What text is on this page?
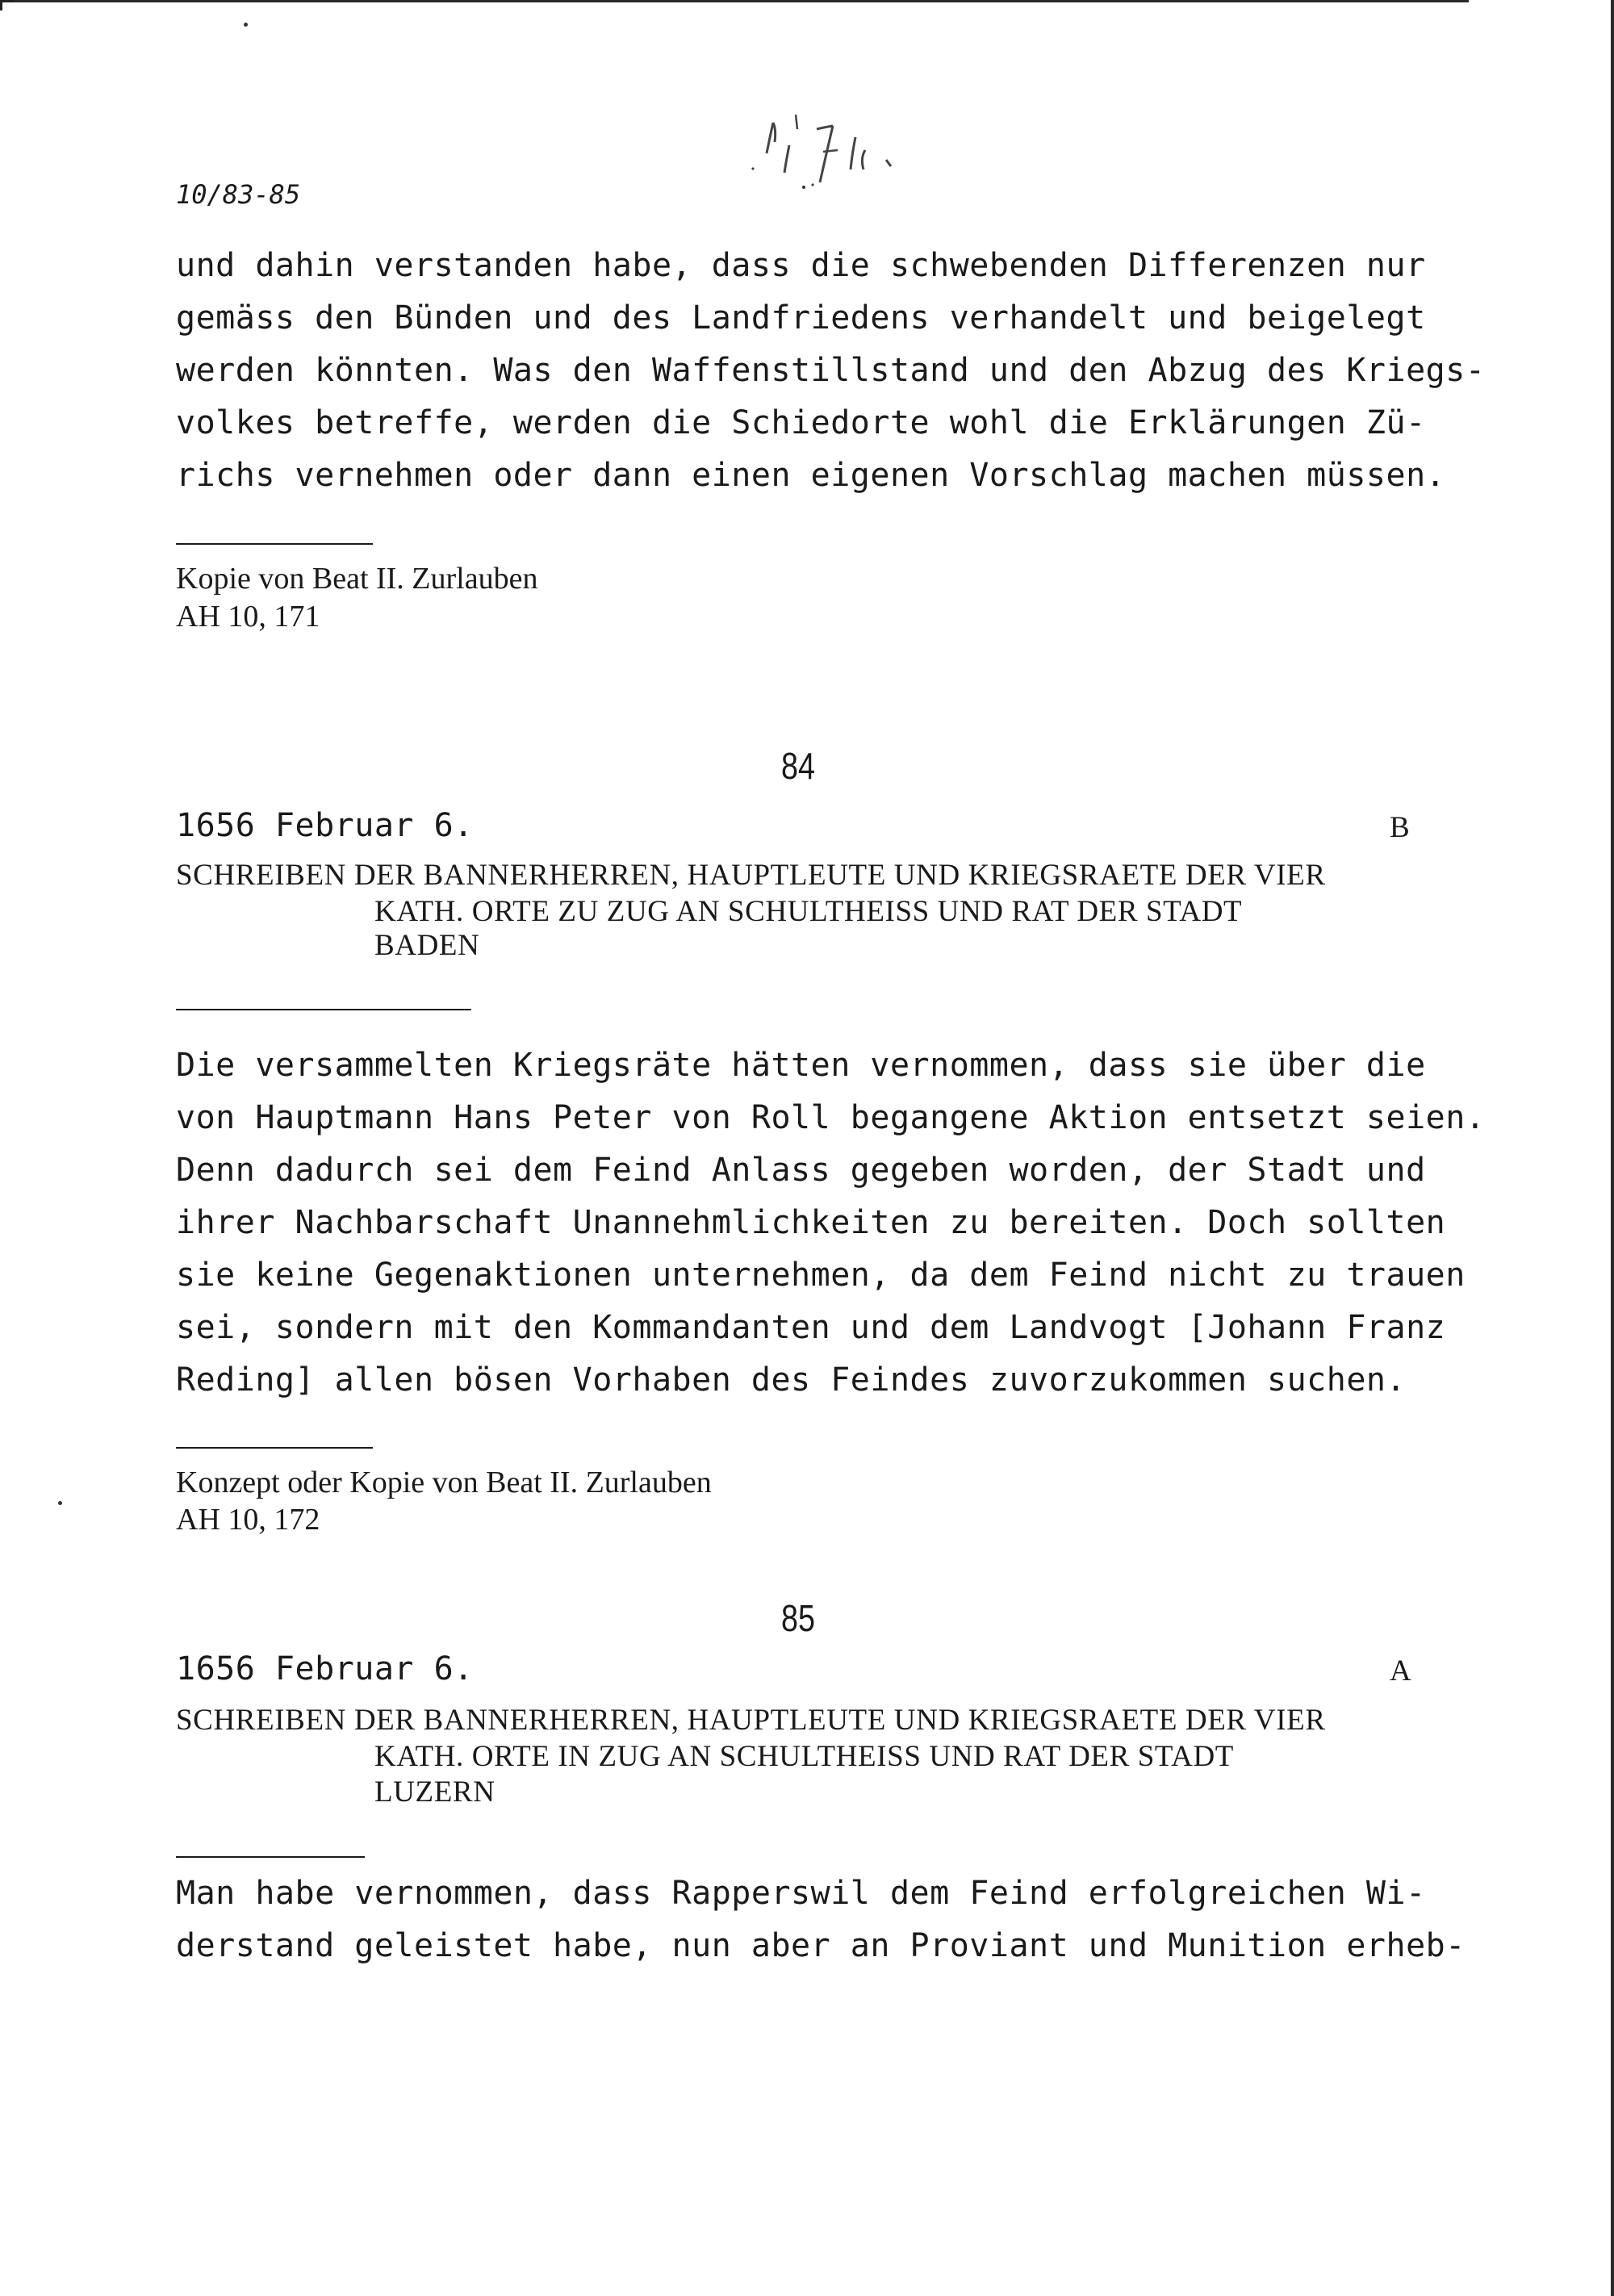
10/83-85
und dahin verstanden habe, dass die schwebenden Differenzen nur
gemäss den Bünden und des Landfriedens verhandelt und beigelegt
werden könnten. Was den Waffenstillstand und den Abzug des Kriegs-
volkes betreffe, werden die Schiedorte wohl die Erklärungen Zü-
richs vernehmen oder dann einen eigenen Vorschlag machen müssen.
Kopie von Beat II. Zurlauben
AH 10, 171
84
1656 Februar 6.	B
SCHREIBEN DER BANNERHERREN, HAUPTLEUTE UND KRIEGSRAETE DER VIER
KATH. ORTE ZU ZUG AN SCHULTHEISS UND RAT DER STADT
BADEN
Die versammelten Kriegsräte hätten vernommen, dass sie über die
von Hauptmann Hans Peter von Roll begangene Aktion entsetzt seien.
Denn dadurch sei dem Feind Anlass gegeben worden, der Stadt und
ihrer Nachbarschaft Unannehmlichkeiten zu bereiten. Doch sollten
sie keine Gegenaktionen unternehmen, da dem Feind nicht zu trauen
sei, sondern mit den Kommandanten und dem Landvogt [Johann Franz
Reding] allen bösen Vorhaben des Feindes zuvorzukommen suchen.
Konzept oder Kopie von Beat II. Zurlauben
AH 10, 172
85
1656 Februar 6.	A
SCHREIBEN DER BANNERHERREN, HAUPTLEUTE UND KRIEGSRAETE DER VIER
KATH. ORTE IN ZUG AN SCHULTHEISS UND RAT DER STADT
LUZERN
Man habe vernommen, dass Rapperswil dem Feind erfolgreichen Wi-
derstand geleistet habe, nun aber an Proviant und Munition erheb-
